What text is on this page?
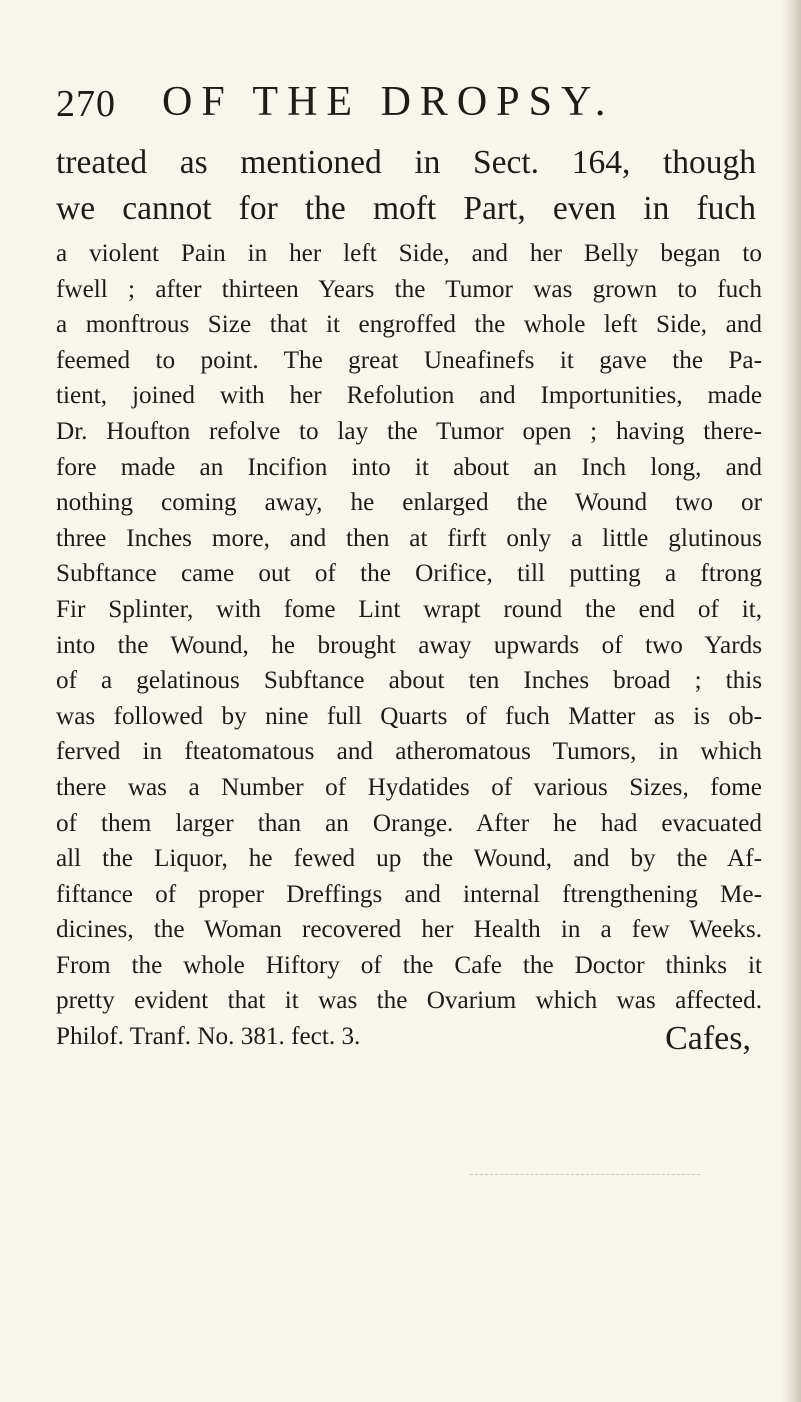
270 OF THE DROPSY.
treated as mentioned in Sect. 164, though
we cannot for the moft Part, even in fuch
a violent Pain in her left Side, and her Belly began to
fwell ; after thirteen Years the Tumor was grown to fuch
a monftrous Size that it engroffed the whole left Side, and
feemed to point. The great Uneafinefs it gave the Pa-
tient, joined with her Refolution and Importunities, made
Dr. Houfton refolve to lay the Tumor open ; having there-
fore made an Incifion into it about an Inch long, and
nothing coming away, he enlarged the Wound two or
three Inches more, and then at firft only a little glutinous
Subftance came out of the Orifice, till putting a ftrong
Fir Splinter, with fome Lint wrapt round the end of it,
into the Wound, he brought away upwards of two Yards
of a gelatinous Subftance about ten Inches broad ; this
was followed by nine full Quarts of fuch Matter as is ob-
ferved in fteatomatous and atheromatous Tumors, in which
there was a Number of Hydatides of various Sizes, fome
of them larger than an Orange. After he had evacuated
all the Liquor, he fewed up the Wound, and by the Af-
fiftance of proper Dreffings and internal ftrengthening Me-
dicines, the Woman recovered her Health in a few Weeks.
From the whole Hiftory of the Cafe the Doctor thinks it
pretty evident that it was the Ovarium which was affected.
Philof. Tranf. No. 381. fect. 3.	Cafes,
